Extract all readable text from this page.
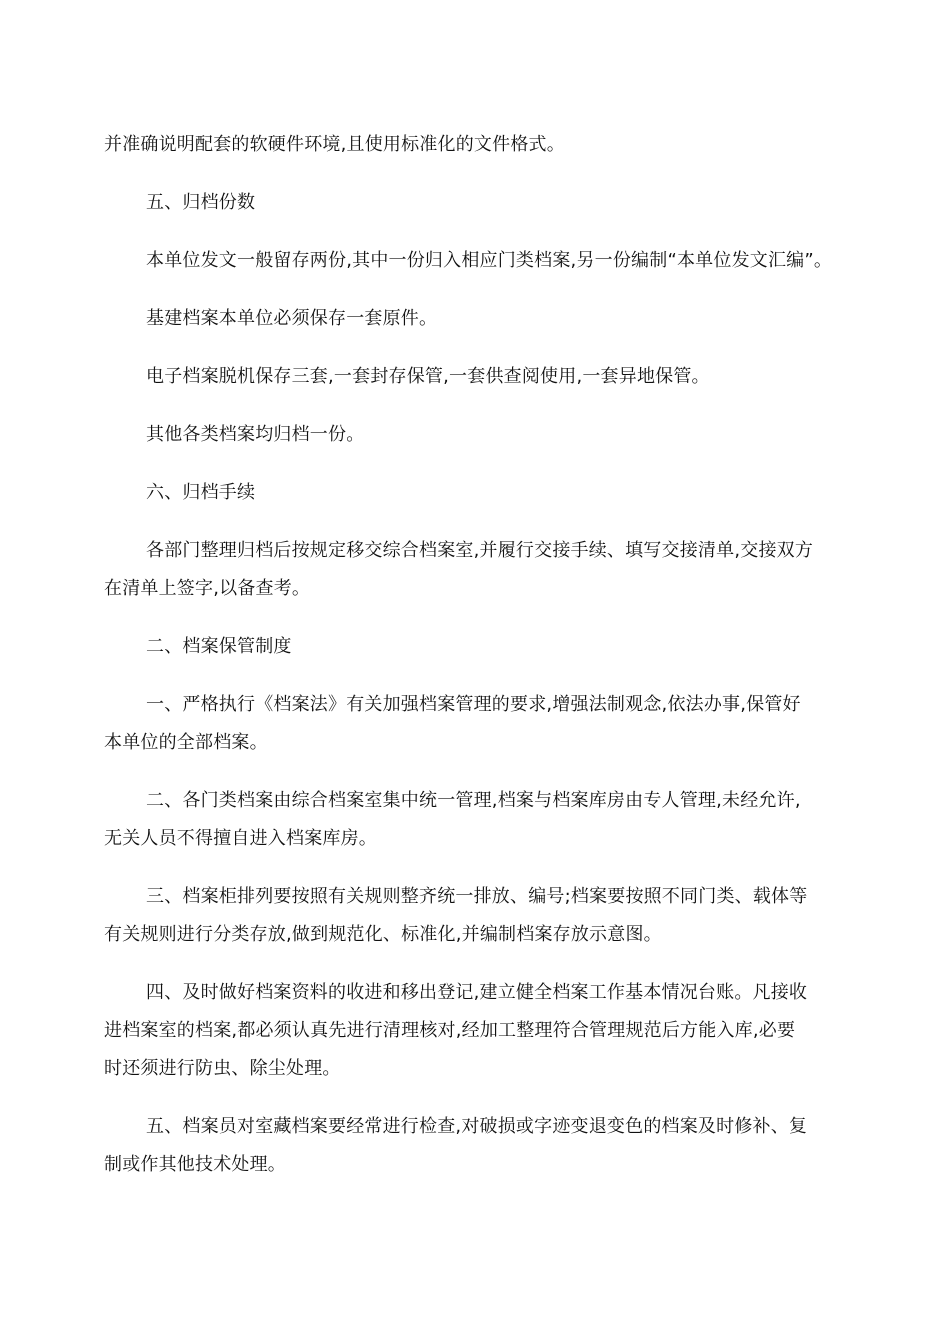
并准确说明配套的软硬件环境,且使用标准化的文件格式。
五、归档份数
本单位发文一般留存两份,其中一份归入相应门类档案,另一份编制“本单位发文汇编”。
基建档案本单位必须保存一套原件。
电子档案脱机保存三套,一套封存保管,一套供查阅使用,一套异地保管。
其他各类档案均归档一份。
六、归档手续
各部门整理归档后按规定移交综合档案室,并履行交接手续、填写交接清单,交接双方
在清单上签字,以备查考。
二、档案保管制度
一、严格执行《档案法》有关加强档案管理的要求,增强法制观念,依法办事,保管好
本单位的全部档案。
二、各门类档案由综合档案室集中统一管理,档案与档案库房由专人管理,未经允许,
无关人员不得擅自进入档案库房。
三、档案柜排列要按照有关规则整齐统一排放、编号;档案要按照不同门类、载体等
有关规则进行分类存放,做到规范化、标准化,并编制档案存放示意图。
四、及时做好档案资料的收进和移出登记,建立健全档案工作基本情况台账。凡接收
进档案室的档案,都必须认真先进行清理核对,经加工整理符合管理规范后方能入库,必要
时还须进行防虫、除尘处理。
五、档案员对室藏档案要经常进行检查,对破损或字迹变退变色的档案及时修补、复
制或作其他技术处理。
